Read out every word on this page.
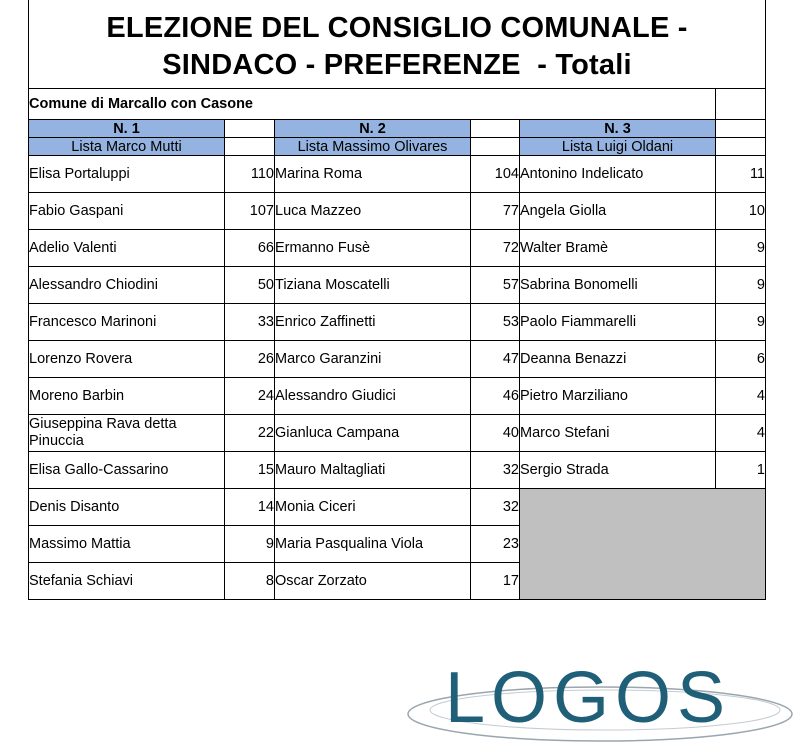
ELEZIONE DEL CONSIGLIO COMUNALE -
SINDACO - PREFERENZE  - Totali
Comune di Marcallo con Casone					
N. 1		N. 2		N. 3	
Lista Marco Mutti		Lista Massimo Olivares		Lista Luigi Oldani	
Elisa Portaluppi	110	Marina Roma	104	Antonino Indelicato	11
Fabio Gaspani	107	Luca Mazzeo	77	Angela Giolla	10
Adelio Valenti	66	Ermanno Fusè	72	Walter Bramè	9
Alessandro Chiodini	50	Tiziana Moscatelli	57	Sabrina Bonomelli	9
Francesco Marinoni	33	Enrico Zaffinetti	53	Paolo Fiammarelli	9
Lorenzo Rovera	26	Marco Garanzini	47	Deanna Benazzi	6
Moreno Barbin	24	Alessandro Giudici	46	Pietro Marziliano	4
Giuseppina Rava detta Pinuccia	22	Gianluca Campana	40	Marco Stefani	4
Elisa Gallo-Cassarino	15	Mauro Maltagliati	32	Sergio Strada	1
Denis Disanto	14	Monia Ciceri	32		
Massimo Mattia	9	Maria Pasqualina Viola	23		
Stefania Schiavi	8	Oscar Zorzato	17		
LOGOS
